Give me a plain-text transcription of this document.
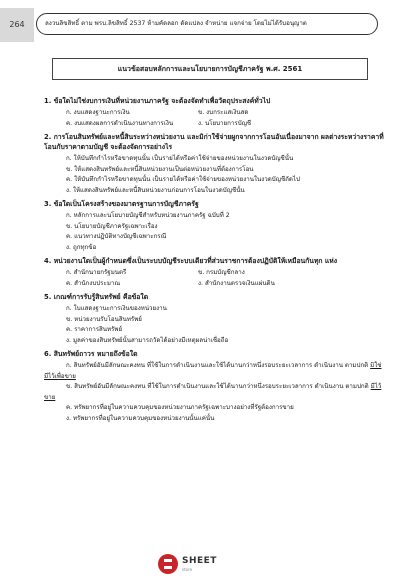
264	ลงวนลิขสิทธิ์ ตาม พรบ.ลิขสิทธิ์ 2537 ห้ามคัดลอก ดัดแปลง จำหน่าย แจกจ่าย โดยไม่ได้รับอนุญาต
แนวข้อสอบหลักการและนโยบายการบัญชีภาครัฐ พ.ศ. 2561
1. ข้อใดไม่ใช่งบการเงินที่หน่วยงานภาครัฐ จะต้องจัดทำเพื่อวัตถุประสงค์ทั่วไป
ก. งบแสดงฐานะการเงิน	ข. งบกระแสเงินสด
ค. งบแสดงผลการดำเนินงานทางการเงิน	ง. นโยบายการบัญชี
2. การโอนสินทรัพย์และหนี้สินระหว่างหน่วยงาน และมิก่าใช้จ่ายผูกจากการโอนอันเนื่องมาจาก ผลต่างระหว่างราคาที่โอนกับราคาตามบัญชี จะต้องจัดการอย่างไร
ก. ให้บันทึกกำไรหรือขาดทุนนั้น เป็นรายได้หรือค่าใช้จ่ายของหน่วยงานในงวดบัญชีนั้น
ข. ให้แสดงสินทรัพย์และหนี้สินหน่วยงานเป็นต่อหน่วยงานที่ต้องการโอน
ค. ให้บันทึกกำไรหรือขาดทุนนั้น เป็นรายได้หรือค่าใช้จ่ายของหน่วยงานในงวดบัญชีถัดไป
ง. ให้แสดงสินทรัพย์และหนี้สินหน่วยงานก่อนการโอนในงวดบัญชีนั้น
3. ข้อใดเป็นโครงสร้างของมาตรฐานการบัญชีภาครัฐ
ก. หลักการและนโยบายบัญชีสำหรับหน่วยงานภาครัฐ ฉบับที่ 2
ข. นโยบายบัญชีภาครัฐเฉพาะเรื่อง
ค. แนวทางปฏิบัติทางบัญชีเฉพาะกรณี
ง. ถูกทุกข้อ
4. หน่วยงานใดเป็นผู้กำหนดซึ่งเป็นระบบบัญชีระบบเดียวที่ส่วนราชการต้องปฏิบัติให้เหมือนกันทุก แห่ง
ก. สำนักนายกรัฐมนตรี	ข. กรมบัญชีกลาง
ค. สำนักงบประมาณ	ง. สำนักงานตรวจเงินแผ่นดิน
5. เกณฑ์การรับรู้สินทรัพย์ คือข้อใด
ก. ใบแสดงฐานะการเงินของหน่วยงาน
ข. หน่วยงานรับโอนสินทรัพย์
ค. ราคาการสินทรัพย์
ง. มูลค่าของสินทรัพย์นั้นสามารถวัดได้อย่างมีเหตุผลน่าเชื่อถือ
6. สินทรัพย์ถาวร หมายถึงข้อใด
ก. สินทรัพย์อันมีลักษณะคงทน ที่ใช้ในการดำเนินงานและใช้ได้นานกว่าหนึ่งรอบระยะเวลาการ ดำเนินงาน ตามปกติ มิใช่มีไว้เพื่อขาย
ข. สินทรัพย์อันมีลักษณะคงทน ที่ใช้ในการดำเนินงานและใช้ได้นานกว่าหนึ่งรอบระยะเวลาการ ดำเนินงาน ตามปกติ มีไว้ขาย
ค. ทรัพยากรที่อยู่ในความควบคุมของหน่วยงานภาครัฐเฉพาะบางอย่างที่รัฐต้องการขาย
ง. ทรัพยากรที่อยู่ในความควบคุมของหน่วยงานนั้นแค่นั้น
SHEET
store
